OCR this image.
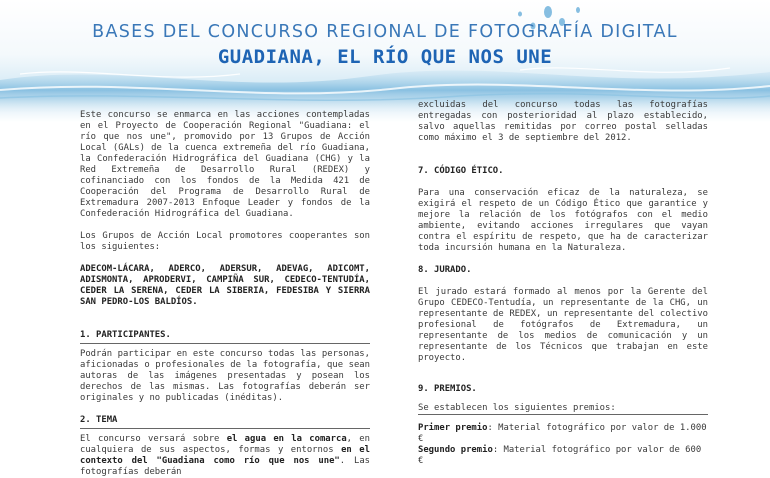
BASES DEL CONCURSO REGIONAL DE FOTOGRAFÍA DIGITAL
GUADIANA, EL RÍO QUE NOS UNE

Este concurso se enmarca en las acciones contempladas en el Proyecto de Cooperación Regional "Guadiana: el río que nos une", promovido por 13 Grupos de Acción Local (GALs) de la cuenca extremeña del río Guadiana, la Confederación Hidrográfica del Guadiana (CHG) y la Red Extremeña de Desarrollo Rural (REDEX) y cofinanciado con los fondos de la Medida 421 de Cooperación del Programa de Desarrollo Rural de Extremadura 2007-2013 Enfoque Leader y fondos de la Confederación Hidrográfica del Guadiana.

Los Grupos de Acción Local promotores cooperantes son los siguientes:

ADECOM-LÁCARA, ADERCO, ADERSUR, ADEVAG, ADICOMT, ADISMONTA, APRODERVI, CAMPIÑA SUR, CEDECO-TENTUDÍA, CEDER LA SERENA, CEDER LA SIBERIA, FEDESIBA Y SIERRA SAN PEDRO-LOS BALDÍOS.

1. PARTICIPANTES.

Podrán participar en este concurso todas las personas, aficionadas o profesionales de la fotografía, que sean autoras de las imágenes presentadas y posean los derechos de las mismas. Las fotografías deberán ser originales y no publicadas (inéditas).

2. TEMA

El concurso versará sobre el agua en la comarca, en cualquiera de sus aspectos, formas y entornos en el contexto del "Guadiana como río que nos une". Las fotografías deberán

excluidas del concurso todas las fotografías entregadas con posterioridad al plazo establecido, salvo aquellas remitidas por correo postal selladas como máximo el 3 de septiembre del 2012.

7. CÓDIGO ÉTICO.

Para una conservación eficaz de la naturaleza, se exigirá el respeto de un Código Ético que garantice y mejore la relación de los fotógrafos con el medio ambiente, evitando acciones irregulares que vayan contra el espíritu de respeto, que ha de caracterizar toda incursión humana en la Naturaleza.

8. JURADO.

El jurado estará formado al menos por la Gerente del Grupo CEDECO-Tentudía, un representante de la CHG, un representante de REDEX, un representante del colectivo profesional de fotógrafos de Extremadura, un representante de los medios de comunicación y un representante de los Técnicos que trabajan en este proyecto.

9. PREMIOS.

Se establecen los siguientes premios:

Primer premio: Material fotográfico por valor de 1.000 €

Segundo premio: Material fotográfico por valor de 600 €
